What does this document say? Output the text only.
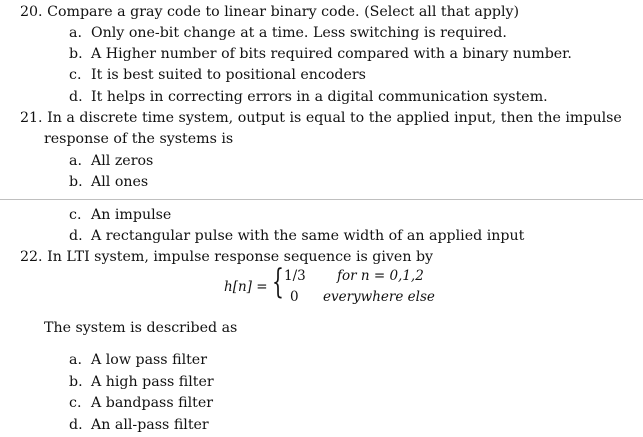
20. Compare a gray code to linear binary code. (Select all that apply)
a. Only one-bit change at a time. Less switching is required.
b. A Higher number of bits required compared with a binary number.
c. It is best suited to positional encoders
d. It helps in correcting errors in a digital communication system.
21. In a discrete time system, output is equal to the applied input, then the impulse
response of the systems is
a. All zeros
b. All ones
c. An impulse
d. A rectangular pulse with the same width of an applied input
22. In LTI system, impulse response sequence is given by
h[n] = { 1/3 for n = 0,1,2
0 everywhere else
The system is described as
a. A low pass filter
b. A high pass filter
c. A bandpass filter
d. An all-pass filter
